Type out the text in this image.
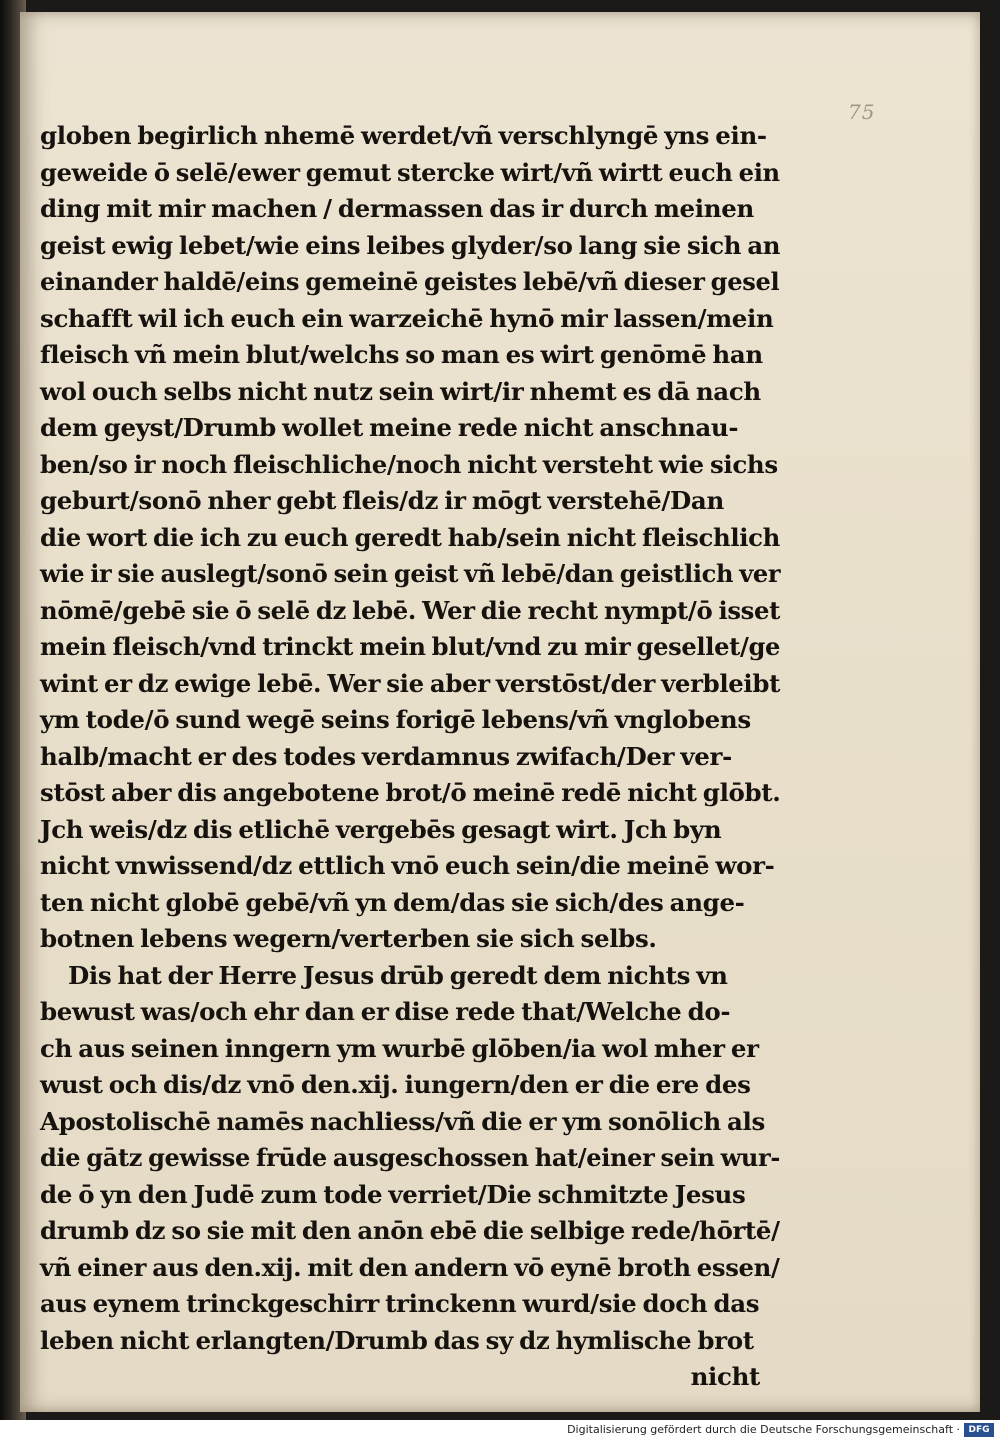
75
globen begirlich nhemē werdet/vñ verschlyngē yns ein-
geweide ō selē/ewer gemut stercke wirt/vñ wirtt euch ein
ding mit mir machen / dermassen das ir durch meinen
geist ewig lebet/wie eins leibes glyder/so lang sie sich an
einander haldē/eins gemeinē geistes lebē/vñ dieser gesel
schafft wil ich euch ein warzeichē hynō mir lassen/mein
fleisch vñ mein blut/welchs so man es wirt genōmē han
wol ouch selbs nicht nutz sein wirt/ir nhemt es dā nach
dem geyst/Drumb wollet meine rede nicht anschnau-
ben/so ir noch fleischliche/noch nicht versteht wie sichs
geburt/sonō nher gebt fleis/dz ir mōgt verstehē/Dan
die wort die ich zu euch geredt hab/sein nicht fleischlich
wie ir sie auslegt/sonō sein geist vñ lebē/dan geistlich ver
nōmē/gebē sie ō selē dz lebē. Wer die recht nympt/ō isset
mein fleisch/vnd trinckt mein blut/vnd zu mir gesellet/ge
wint er dz ewige lebē. Wer sie aber verstōst/der verbleibt
ym tode/ō sund wegē seins forigē lebens/vñ vnglobens
halb/macht er des todes verdamnus zwifach/Der ver-
stōst aber dis angebotene brot/ō meinē redē nicht glōbt.
Jch weis/dz dis etlichē vergebēs gesagt wirt. Jch byn
nicht vnwissend/dz ettlich vnō euch sein/die meinē wor-
ten nicht globē gebē/vñ yn dem/das sie sich/des ange-
botnen lebens wegern/verterben sie sich selbs.
Dis hat der Herre Jesus drūb geredt dem nichts vn
bewust was/och ehr dan er dise rede that/Welche do-
ch aus seinen inngern ym wurbē glōben/ia wol mher er
wust och dis/dz vnō den.xij. iungern/den er die ere des
Apostolischē namēs nachliess/vñ die er ym sonōlich als
die gātz gewisse frūde ausgeschossen hat/einer sein wur-
de ō yn den Judē zum tode verriet/Die schmitzte Jesus
drumb dz so sie mit den anōn ebē die selbige rede/hōrtē/
vñ einer aus den.xij. mit den andern vō eynē broth essen/
aus eynem trinckgeschirr trinckenn wurd/sie doch das
leben nicht erlangten/Drumb das sy dz hymlische brot
nicht
Digitalisierung gefördert durch die Deutsche Forschungsgemeinschaft · DFG
